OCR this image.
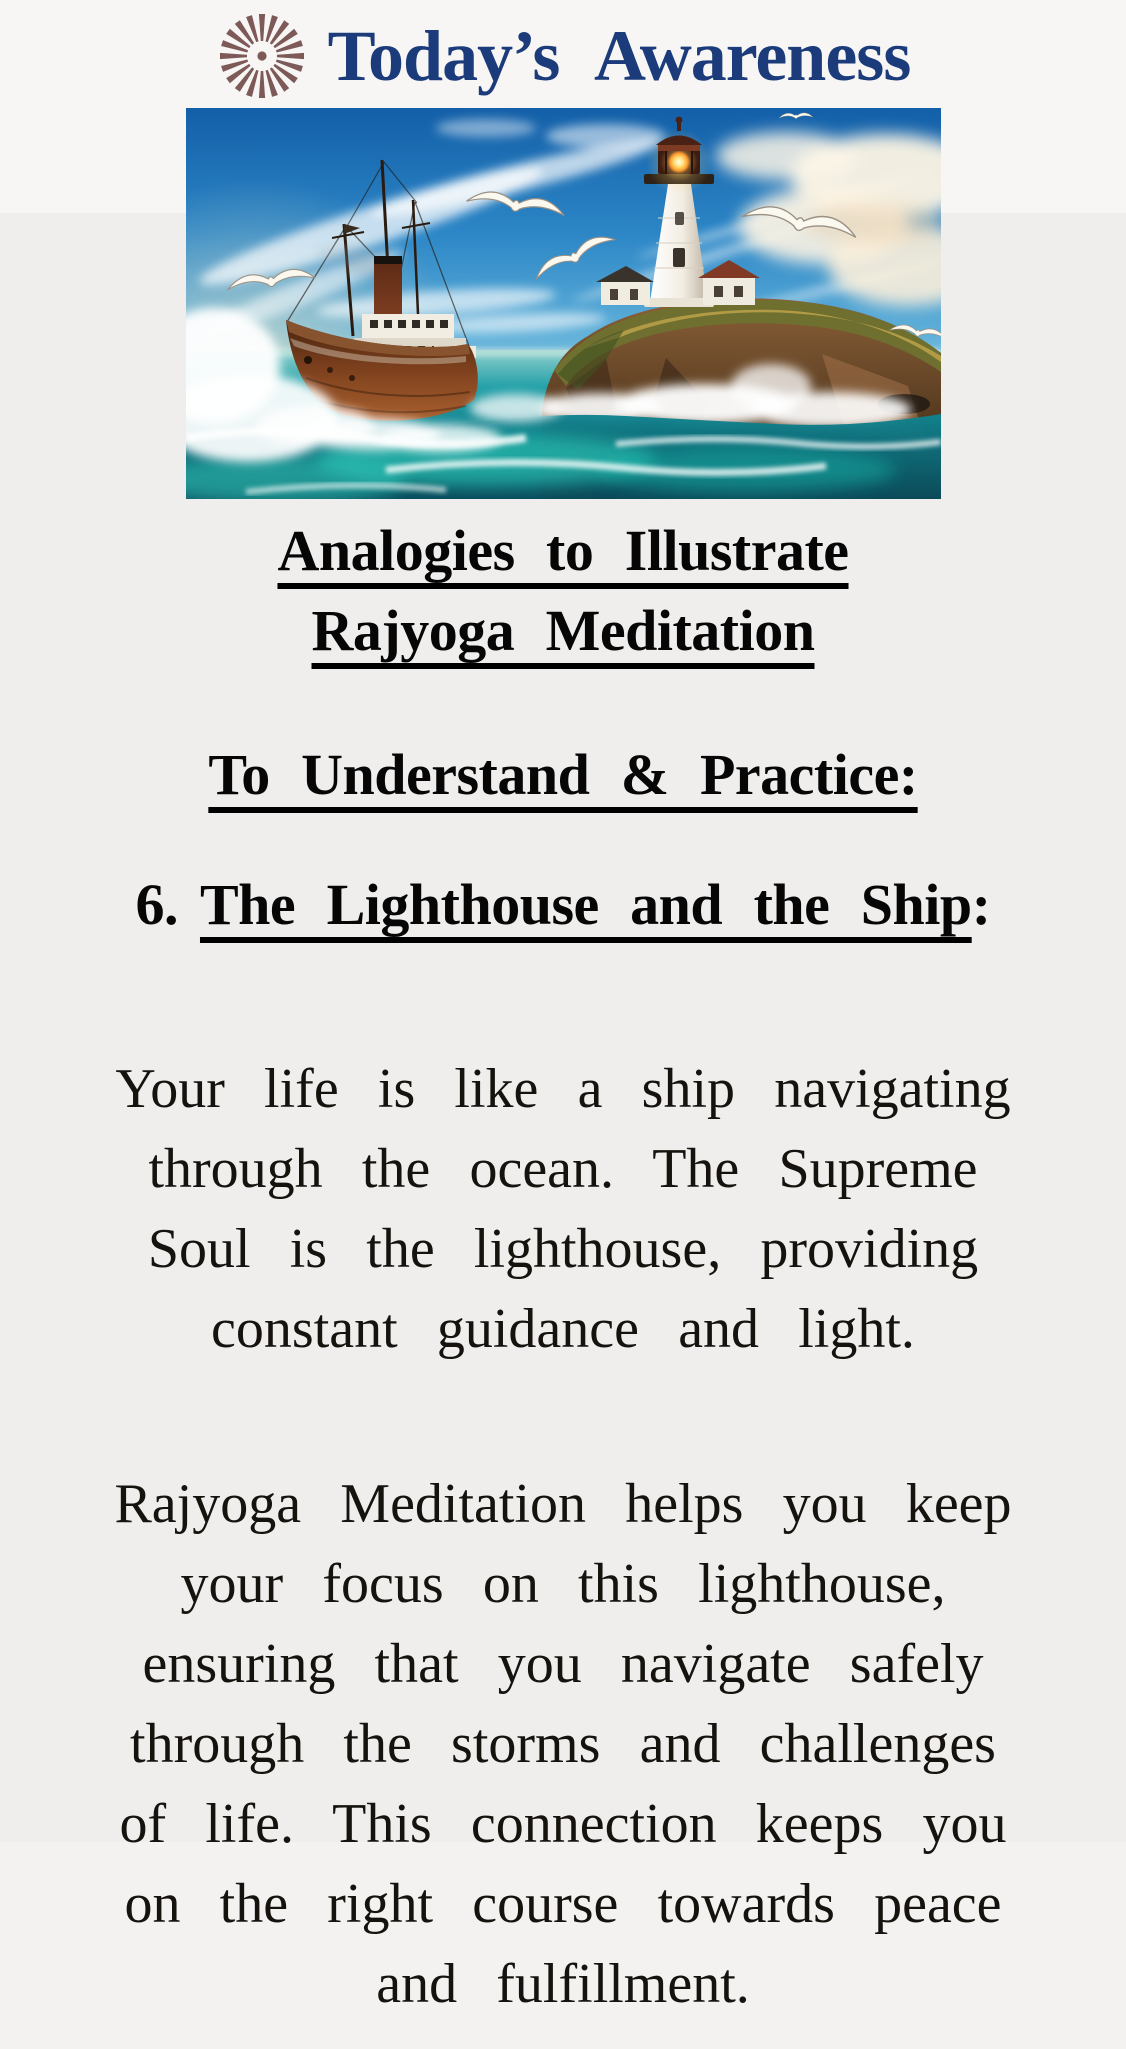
Today’s Awareness
Analogies to Illustrate
Rajyoga Meditation
To Understand & Practice:
6. The Lighthouse and the Ship:
Your life is like a ship navigating
through the ocean. The Supreme
Soul is the lighthouse, providing
constant guidance and light.
Rajyoga Meditation helps you keep
your focus on this lighthouse,
ensuring that you navigate safely
through the storms and challenges
of life. This connection keeps you
on the right course towards peace
and fulfillment.
